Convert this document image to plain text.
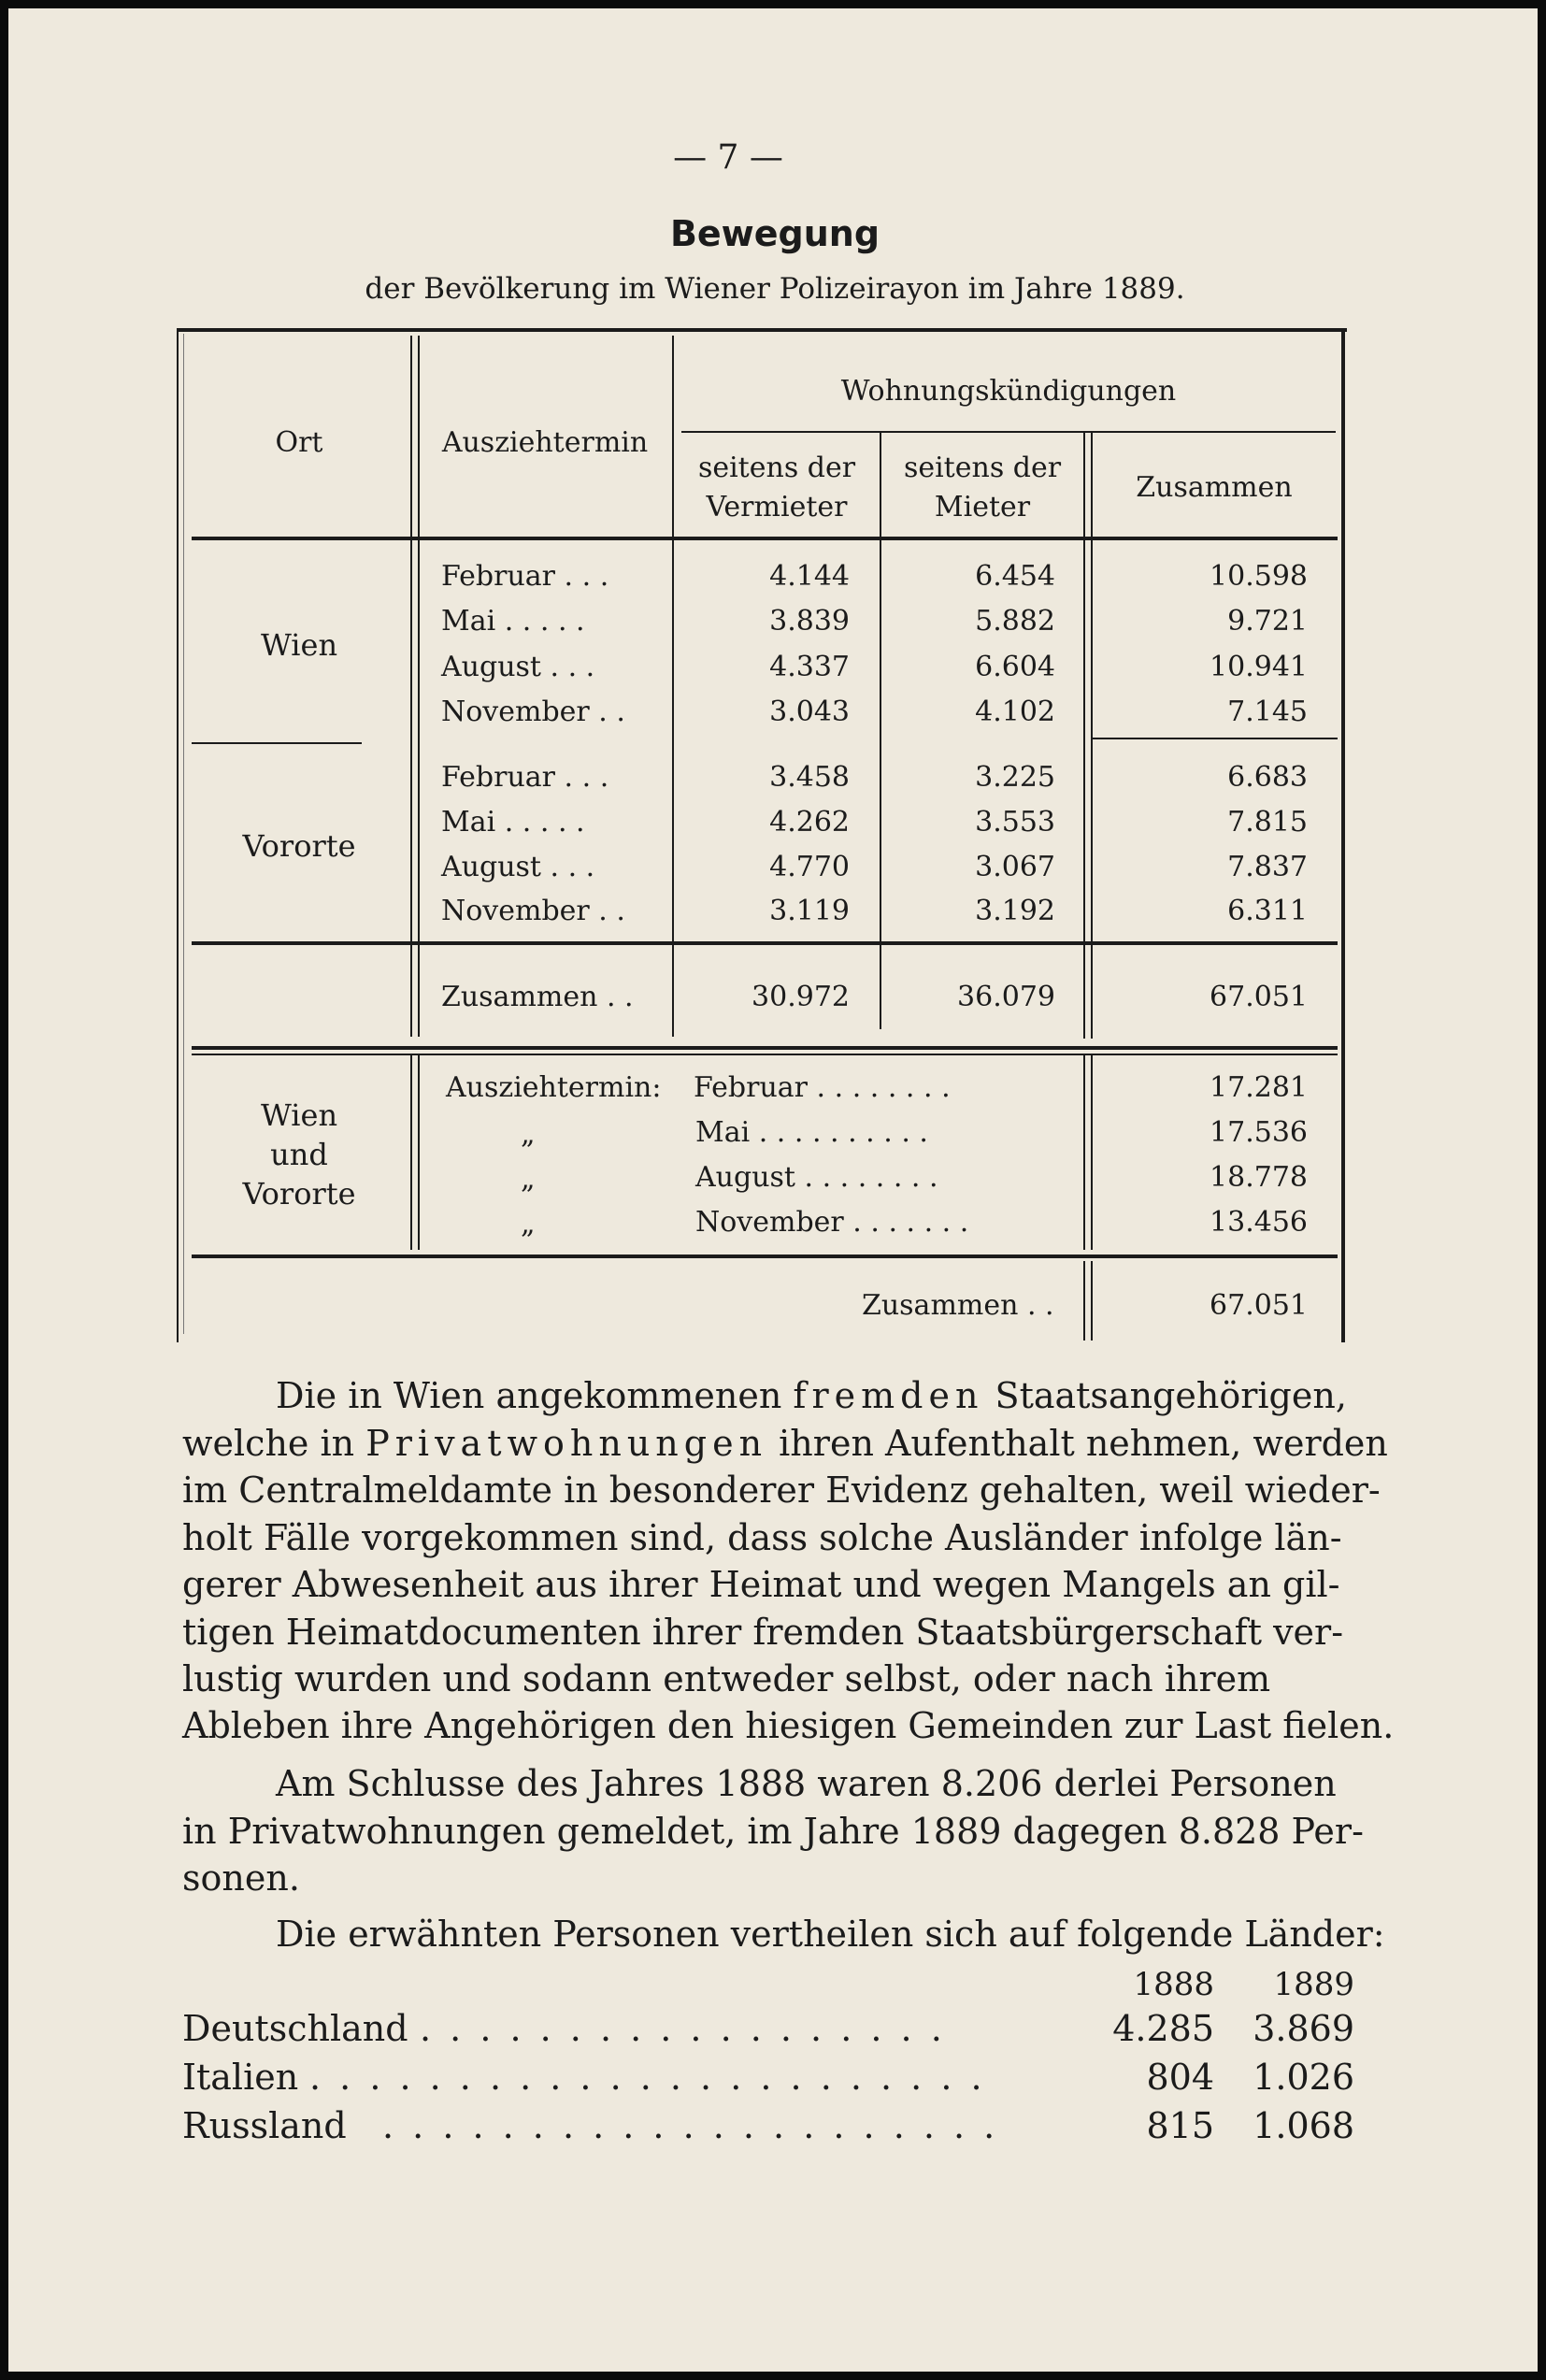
— 7 —
Bewegung
der Bevölkerung im Wiener Polizeirayon im Jahre 1889.
Ort	Ausziehtermin
Wohnungskündigungen
seitens der
Vermieter
seitens der
Mieter
Zusammen
Wien
Februar . . .	4.144	6.454	10.598
Mai . . . . .	3.839	5.882	9.721
August . . .	4.337	6.604	10.941
November . .	3.043	4.102	7.145
Vororte
Februar . . .	3.458	3.225	6.683
Mai . . . . .	4.262	3.553	7.815
August . . .	4.770	3.067	7.837
November . .	3.119	3.192	6.311
Zusammen . .	30.972	36.079	67.051
Wien
und
Vororte
Ausziehtermin: Februar . . . . . . . .	17.281
„	Mai . . . . . . . . . .	17.536
„	August . . . . . . . .	18.778
„	November . . . . . . .	13.456
Zusammen . .	67.051
Die in Wien angekommenen fremden Staatsangehörigen,
welche in Privatwohnungen ihren Aufenthalt nehmen, werden
im Centralmeldamte in besonderer Evidenz gehalten, weil wieder-
holt Fälle vorgekommen sind, dass solche Ausländer infolge län-
gerer Abwesenheit aus ihrer Heimat und wegen Mangels an gil-
tigen Heimatdocumenten ihrer fremden Staatsbürgerschaft ver-
lustig wurden und sodann entweder selbst, oder nach ihrem
Ableben ihre Angehörigen den hiesigen Gemeinden zur Last fielen.
Am Schlusse des Jahres 1888 waren 8.206 derlei Personen
in Privatwohnungen gemeldet, im Jahre 1889 dagegen 8.828 Per-
sonen.
Die erwähnten Personen vertheilen sich auf folgende Länder:
1888	1889
Deutschland . . . . . . . . . . . . . . . . . .	4.285	3.869
Italien . . . . . . . . . . . . . . . . . . . . . . .	804	1.026
Russland . . . . . . . . . . . . . . . . . . . . .	815	1.068
